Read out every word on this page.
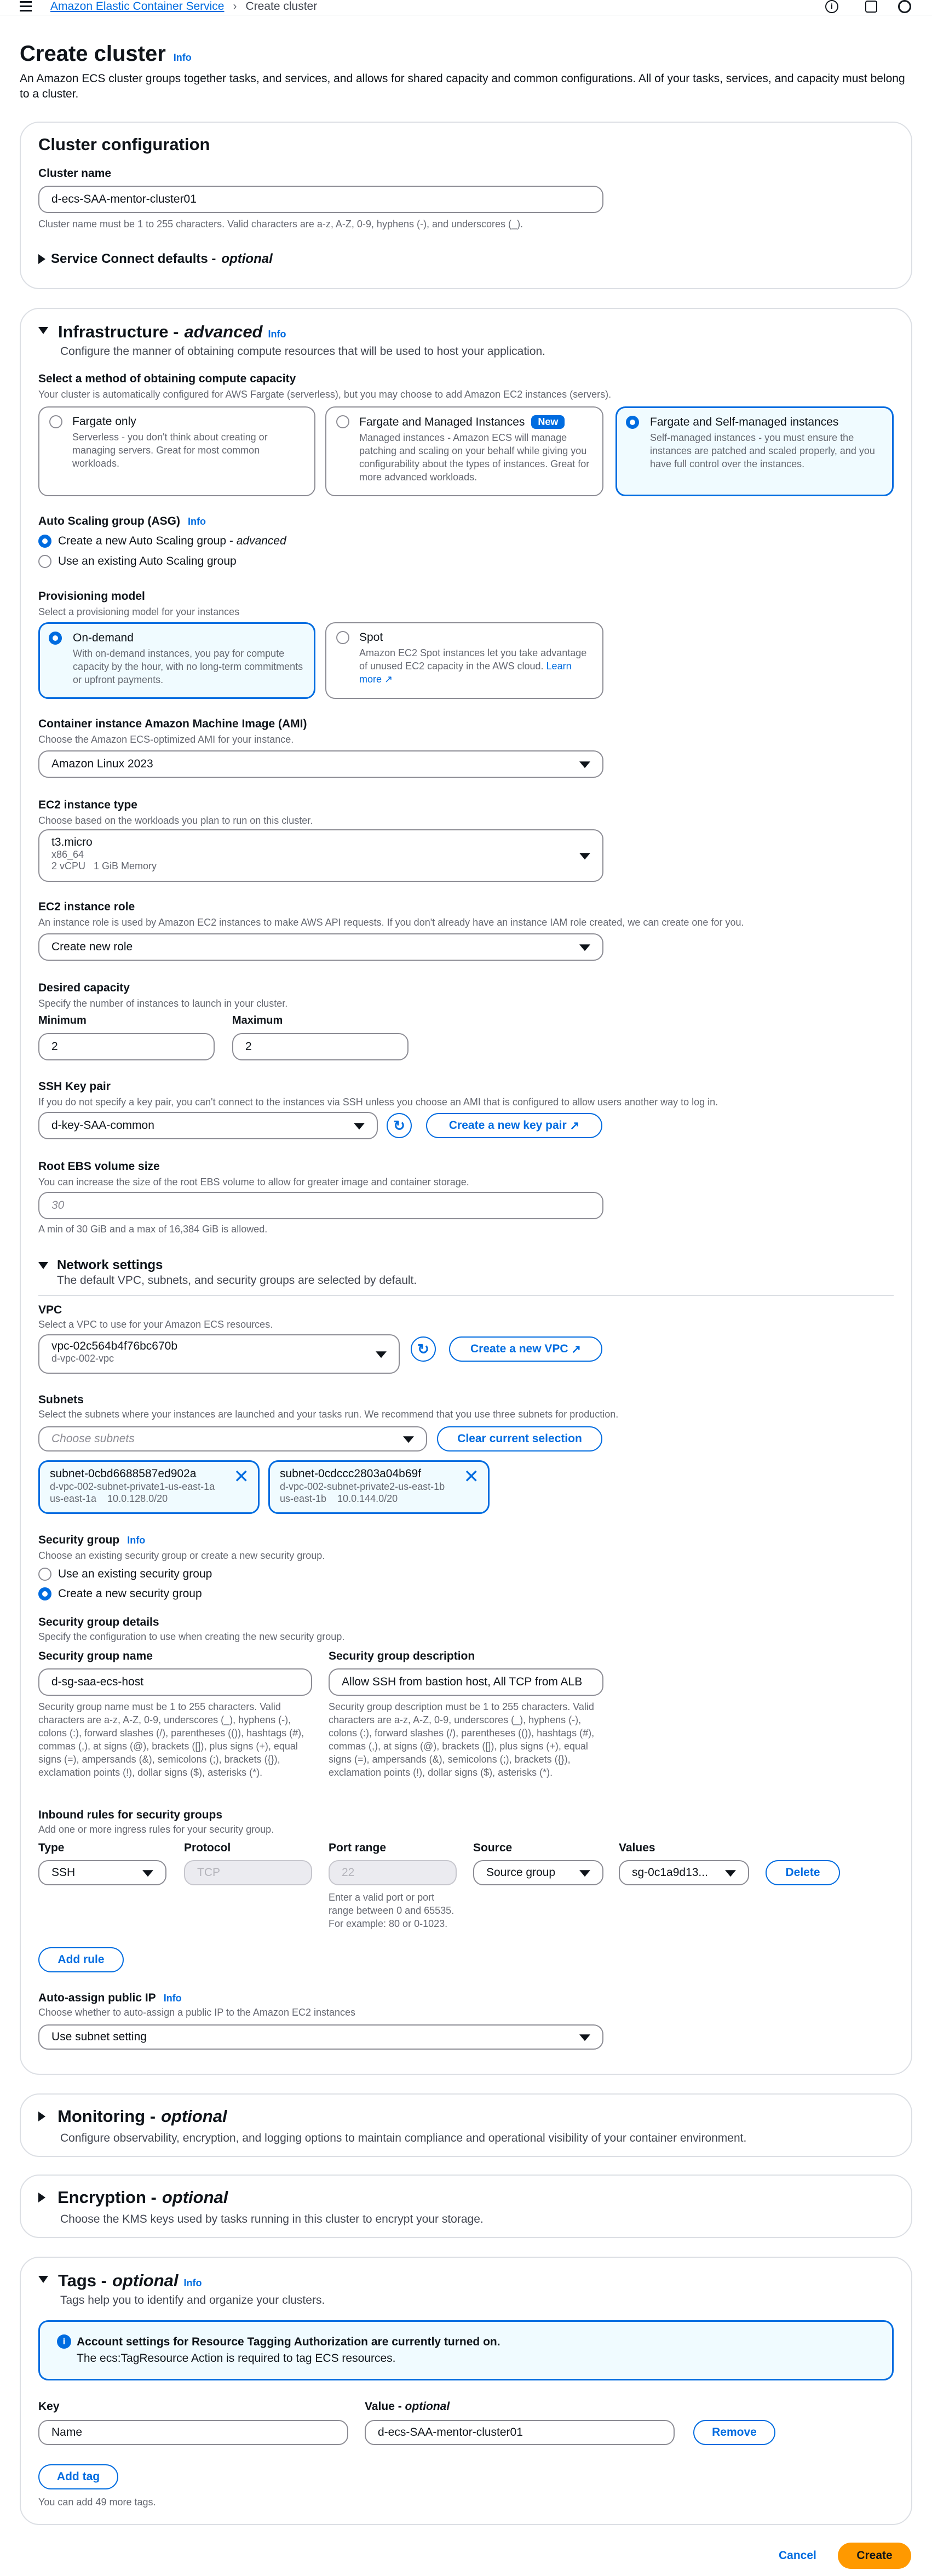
Amazon Elastic Container Service › Create cluster	i
Create cluster Info
An Amazon ECS cluster groups together tasks, and services, and allows for shared capacity and common configurations. All of your tasks, services, and capacity must belong to a cluster.
Cluster configuration
Cluster name
d-ecs-SAA-mentor-cluster01
Cluster name must be 1 to 255 characters. Valid characters are a-z, A-Z, 0-9, hyphens (-), and underscores (_).
Service Connect defaults - optional
Infrastructure - advanced Info
Configure the manner of obtaining compute resources that will be used to host your application.
Select a method of obtaining compute capacity
Your cluster is automatically configured for AWS Fargate (serverless), but you may choose to add Amazon EC2 instances (servers).
Fargate only
Serverless - you don't think about creating or managing servers. Great for most common workloads.
Fargate and Managed Instances	New
Managed instances - Amazon ECS will manage patching and scaling on your behalf while giving you configurability about the types of instances. Great for more advanced workloads.
Fargate and Self-managed instances
Self-managed instances - you must ensure the instances are patched and scaled properly, and you have full control over the instances.
Auto Scaling group (ASG) Info
Create a new Auto Scaling group - advanced
Use an existing Auto Scaling group
Provisioning model
Select a provisioning model for your instances
On-demand
With on-demand instances, you pay for compute capacity by the hour, with no long-term commitments or upfront payments.
Spot
Amazon EC2 Spot instances let you take advantage of unused EC2 capacity in the AWS cloud. Learn more ↗
Container instance Amazon Machine Image (AMI)
Choose the Amazon ECS-optimized AMI for your instance.
Amazon Linux 2023
EC2 instance type
Choose based on the workloads you plan to run on this cluster.
t3.micro
x86_64
2 vCPU 1 GiB Memory
EC2 instance role
An instance role is used by Amazon EC2 instances to make AWS API requests. If you don't already have an instance IAM role created, we can create one for you.
Create new role
Desired capacity
Specify the number of instances to launch in your cluster.
Minimum
2
Maximum
2
SSH Key pair
If you do not specify a key pair, you can't connect to the instances via SSH unless you choose an AMI that is configured to allow users another way to log in.
d-key-SAA-common	↻	Create a new key pair
↗
Root EBS volume size
You can increase the size of the root EBS volume to allow for greater image and container storage.
30
A min of 30 GiB and a max of 16,384 GiB is allowed.
Network settings
The default VPC, subnets, and security groups are selected by default.
VPC
Select a VPC to use for your Amazon ECS resources.
vpc-02c564b4f76bc670b
d-vpc-002-vpc
↻	Create a new VPC
↗
Subnets
Select the subnets where your instances are launched and your tasks run. We recommend that you use three subnets for production.
Choose subnets	Clear current selection
subnet-0cbd6688587ed902a
d-vpc-002-subnet-private1-us-east-1a
us-east-1a 10.0.128.0/20
✕	subnet-0cdccc2803a04b69f
d-vpc-002-subnet-private2-us-east-1b
us-east-1b 10.0.144.0/20
✕
Security group Info
Choose an existing security group or create a new security group.
Use an existing security group
Create a new security group
Security group details
Specify the configuration to use when creating the new security group.
Security group name
d-sg-saa-ecs-host
Security group name must be 1 to 255 characters. Valid characters are a-z, A-Z, 0-9, underscores (_), hyphens (-), colons (:), forward slashes (/), parentheses (()), hashtags (#), commas (,), at signs (@), brackets ([]), plus signs (+), equal signs (=), ampersands (&), semicolons (;), brackets ({}), exclamation points (!), dollar signs ($), asterisks (*).
Security group description
Allow SSH from bastion host, All TCP from ALB
Security group description must be 1 to 255 characters. Valid characters are a-z, A-Z, 0-9, underscores (_), hyphens (-), colons (:), forward slashes (/), parentheses (()), hashtags (#), commas (,), at signs (@), brackets ([]), plus signs (+), equal signs (=), ampersands (&), semicolons (;), brackets ({}), exclamation points (!), dollar signs ($), asterisks (*).
Inbound rules for security groups
Add one or more ingress rules for your security group.
Type	Protocol	Port range	Source	Values
SSH	TCP	22	Source group	sg-0c1a9d13...	Delete
Enter a valid port or port range between 0 and 65535. For example: 80 or 0-1023.
Add rule
Auto-assign public IP Info
Choose whether to auto-assign a public IP to the Amazon EC2 instances
Use subnet setting
Monitoring - optional
Configure observability, encryption, and logging options to maintain compliance and operational visibility of your container environment.
Encryption - optional
Choose the KMS keys used by tasks running in this cluster to encrypt your storage.
Tags - optional Info
Tags help you to identify and organize your clusters.
i Account settings for Resource Tagging Authorization are currently turned on.
The ecs:TagResource Action is required to tag ECS resources.
Key	Value - optional
Name	d-ecs-SAA-mentor-cluster01	Remove
Add tag
You can add 49 more tags.
Cancel	Create
